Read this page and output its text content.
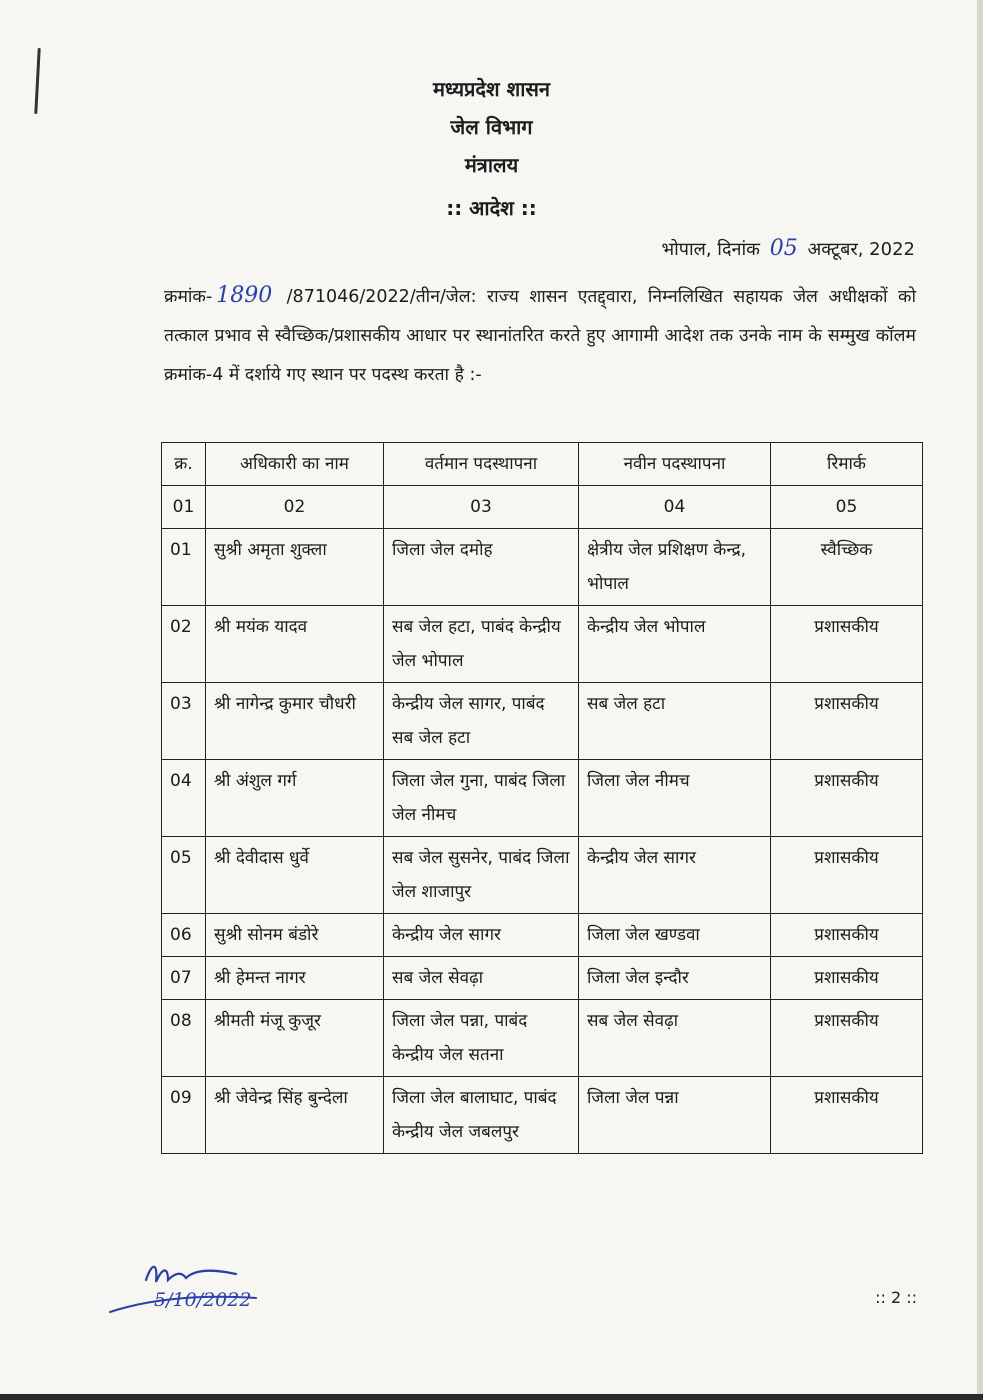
मध्यप्रदेश शासन
जेल विभाग
मंत्रालय
:: आदेश ::
भोपाल, दिनांक 05 अक्टूबर, 2022
क्रमांक- 1890 /871046/2022/तीन/जेल: राज्य शासन एतद्द्वारा, निम्नलिखित सहायक जेल अधीक्षकों को तत्काल प्रभाव से स्वैच्छिक/प्रशासकीय आधार पर स्थानांतरित करते हुए आगामी आदेश तक उनके नाम के सम्मुख कॉलम क्रमांक-4 में दर्शाये गए स्थान पर पदस्थ करता है :-
क्र.	अधिकारी का नाम	वर्तमान पदस्थापना	नवीन पदस्थापना	रिमार्क
01	02	03	04	05
01	सुश्री अमृता शुक्ला	जिला जेल दमोह	क्षेत्रीय जेल प्रशिक्षण केन्द्र, भोपाल	स्वैच्छिक
02	श्री मयंक यादव	सब जेल हटा, पाबंद केन्द्रीय जेल भोपाल	केन्द्रीय जेल भोपाल	प्रशासकीय
03	श्री नागेन्द्र कुमार चौधरी	केन्द्रीय जेल सागर, पाबंद सब जेल हटा	सब जेल हटा	प्रशासकीय
04	श्री अंशुल गर्ग	जिला जेल गुना, पाबंद जिला जेल नीमच	जिला जेल नीमच	प्रशासकीय
05	श्री देवीदास धुर्वे	सब जेल सुसनेर, पाबंद जिला जेल शाजापुर	केन्द्रीय जेल सागर	प्रशासकीय
06	सुश्री सोनम बंडोरे	केन्द्रीय जेल सागर	जिला जेल खण्डवा	प्रशासकीय
07	श्री हेमन्त नागर	सब जेल सेवढ़ा	जिला जेल इन्दौर	प्रशासकीय
08	श्रीमती मंजू कुजूर	जिला जेल पन्ना, पाबंद केन्द्रीय जेल सतना	सब जेल सेवढ़ा	प्रशासकीय
09	श्री जेवेन्द्र सिंह बुन्देला	जिला जेल बालाघाट, पाबंद केन्द्रीय जेल जबलपुर	जिला जेल पन्ना	प्रशासकीय
5/10/2022	:: 2 ::
